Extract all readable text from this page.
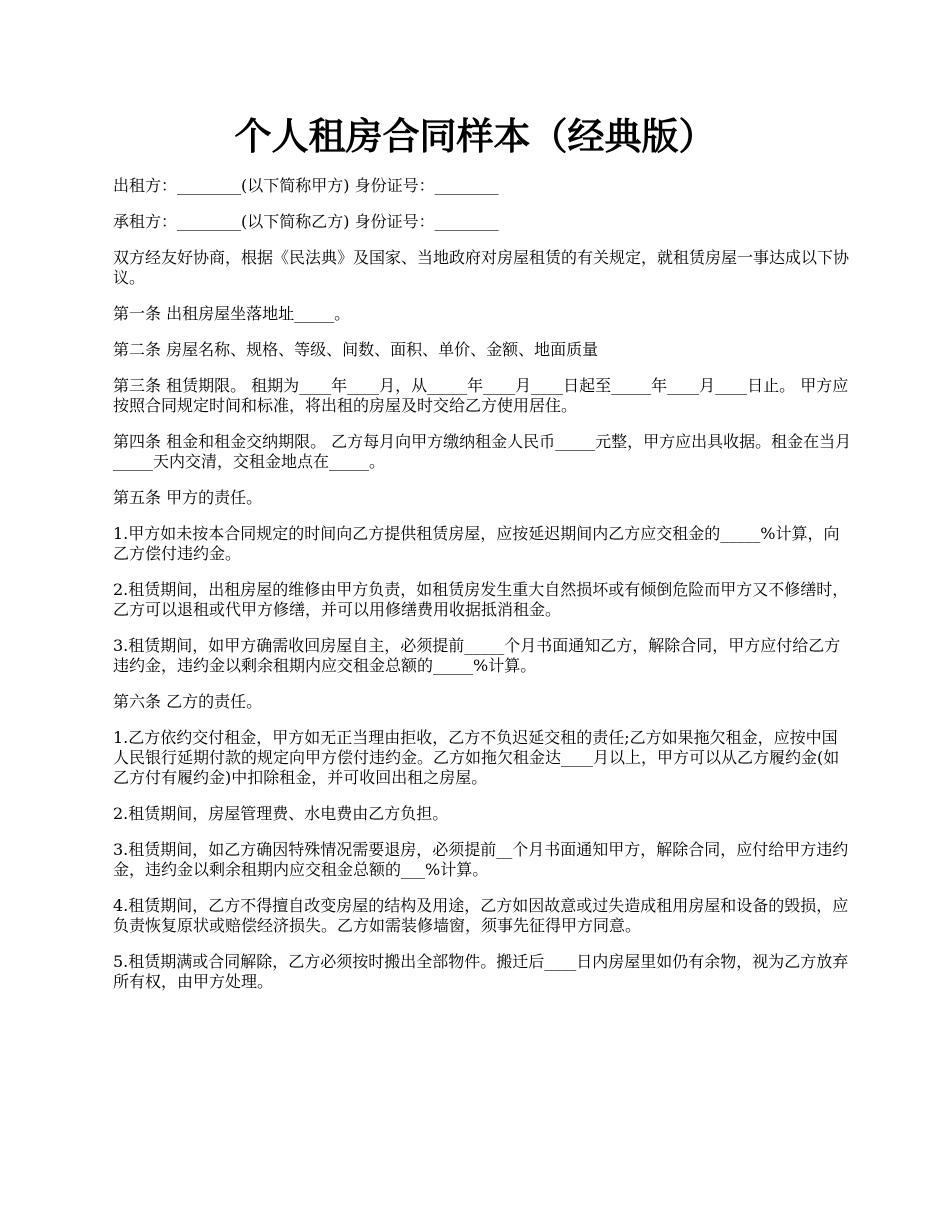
个人租房合同样本（经典版）

出租方：________(以下简称甲方) 身份证号：________

承租方：________(以下简称乙方) 身份证号：________

双方经友好协商，根据《民法典》及国家、当地政府对房屋租赁的有关规定，就租赁房屋一事达成以下协议。

第一条 出租房屋坐落地址_____。

第二条 房屋名称、规格、等级、间数、面积、单价、金额、地面质量

第三条 租赁期限。 租期为____年____月，从_____年____月____日起至_____年____月____日止。 甲方应按照合同规定时间和标准，将出租的房屋及时交给乙方使用居住。

第四条 租金和租金交纳期限。 乙方每月向甲方缴纳租金人民币_____元整，甲方应出具收据。租金在当月_____天内交清，交租金地点在_____。

第五条 甲方的责任。

1.甲方如未按本合同规定的时间向乙方提供租赁房屋，应按延迟期间内乙方应交租金的_____%计算，向乙方偿付违约金。

2.租赁期间，出租房屋的维修由甲方负责，如租赁房发生重大自然损坏或有倾倒危险而甲方又不修缮时，乙方可以退租或代甲方修缮，并可以用修缮费用收据抵消租金。

3.租赁期间，如甲方确需收回房屋自主，必须提前_____个月书面通知乙方，解除合同，甲方应付给乙方违约金，违约金以剩余租期内应交租金总额的_____%计算。

第六条 乙方的责任。

1.乙方依约交付租金，甲方如无正当理由拒收，乙方不负迟延交租的责任;乙方如果拖欠租金，应按中国人民银行延期付款的规定向甲方偿付违约金。乙方如拖欠租金达____月以上，甲方可以从乙方履约金(如乙方付有履约金)中扣除租金，并可收回出租之房屋。

2.租赁期间，房屋管理费、水电费由乙方负担。

3.租赁期间，如乙方确因特殊情况需要退房，必须提前__个月书面通知甲方，解除合同，应付给甲方违约金，违约金以剩余租期内应交租金总额的___%计算。

4.租赁期间，乙方不得擅自改变房屋的结构及用途，乙方如因故意或过失造成租用房屋和设备的毁损，应负责恢复原状或赔偿经济损失。乙方如需装修墙窗，须事先征得甲方同意。

5.租赁期满或合同解除，乙方必须按时搬出全部物件。搬迁后____日内房屋里如仍有余物，视为乙方放弃所有权，由甲方处理。
